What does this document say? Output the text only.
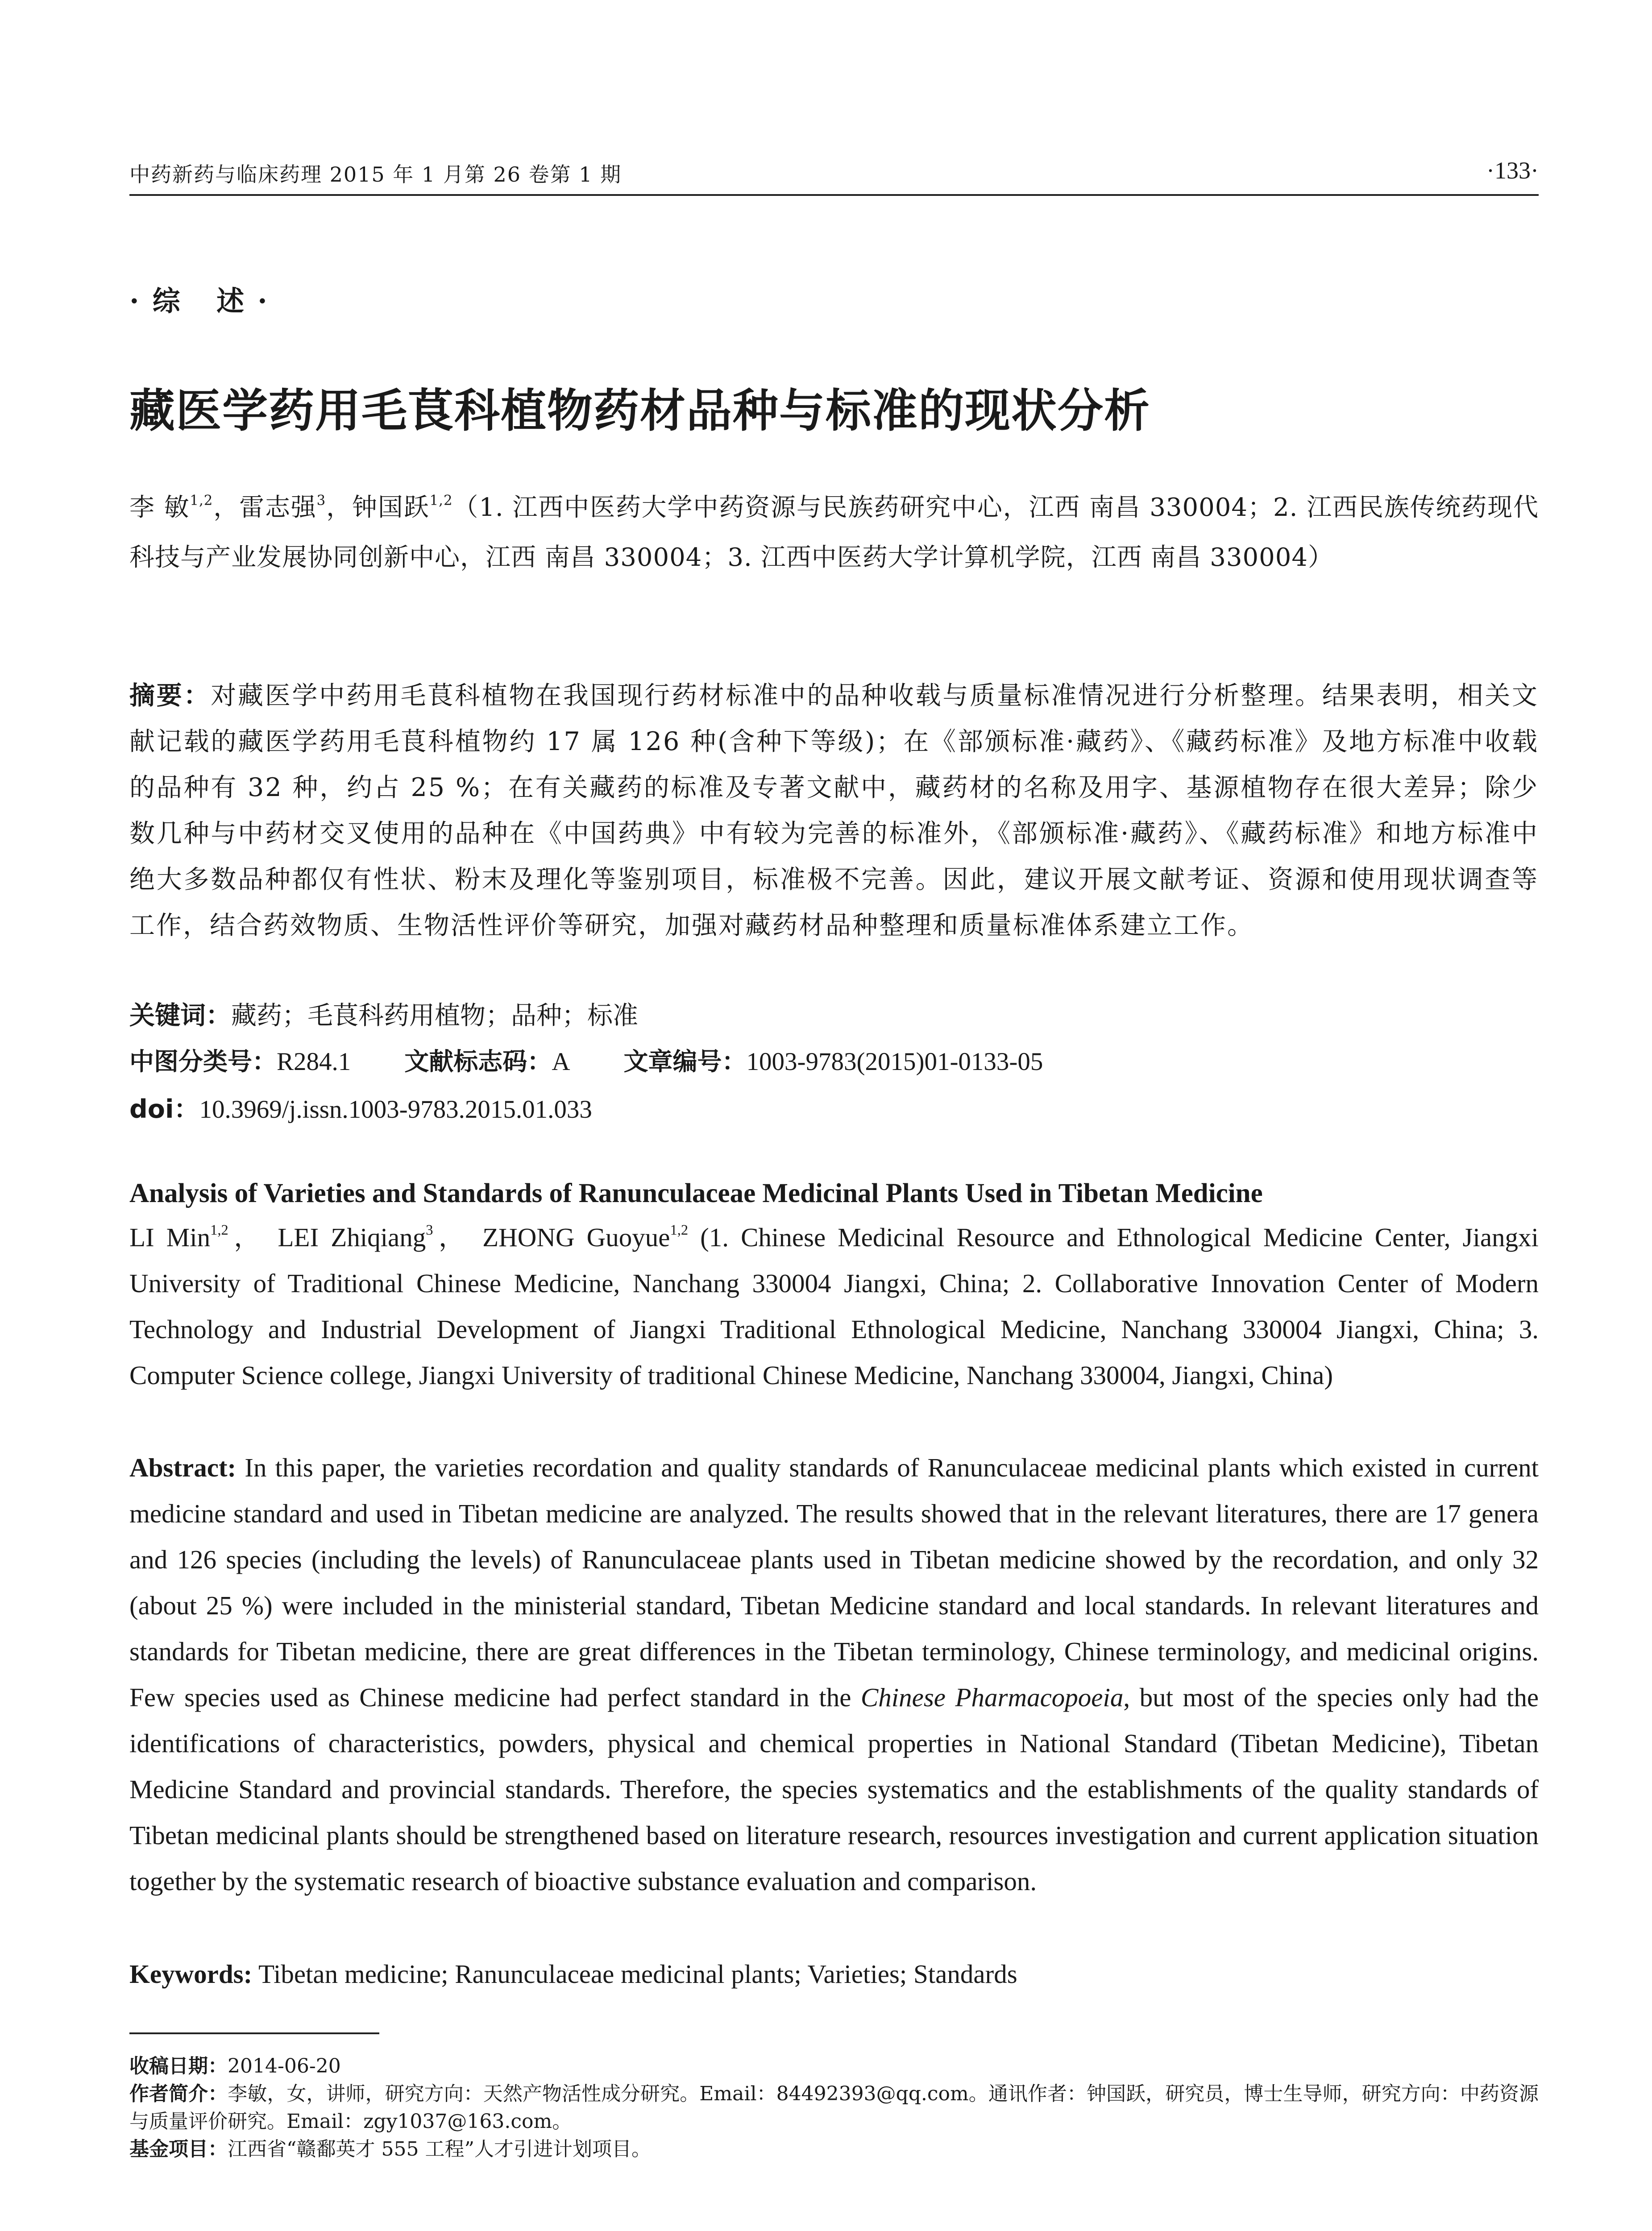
中药新药与临床药理 2015 年 1 月第 26 卷第 1 期	·133·
·综 述·
藏医学药用毛茛科植物药材品种与标准的现状分析
李 敏$^{1,2}$，雷志强$^3$，钟国跃$^{1,2}$（1. 江西中医药大学中药资源与民族药研究中心，江西 南昌 330004；2. 江西民族传统药现代科技与产业发展协同创新中心，江西 南昌 330004；3. 江西中医药大学计算机学院，江西 南昌 330004）
摘要：对藏医学中药用毛茛科植物在我国现行药材标准中的品种收载与质量标准情况进行分析整理。结果表明，相关文献记载的藏医学药用毛茛科植物约 17 属 126 种(含种下等级)；在《部颁标准·藏药》、《藏药标准》及地方标准中收载的品种有 32 种，约占 25 %；在有关藏药的标准及专著文献中，藏药材的名称及用字、基源植物存在很大差异；除少数几种与中药材交叉使用的品种在《中国药典》中有较为完善的标准外，《部颁标准·藏药》、《藏药标准》和地方标准中绝大多数品种都仅有性状、粉末及理化等鉴别项目，标准极不完善。因此，建议开展文献考证、资源和使用现状调查等工作，结合药效物质、生物活性评价等研究，加强对藏药材品种整理和质量标准体系建立工作。
关键词：藏药；毛茛科药用植物；品种；标准
中图分类号：R284.1 文献标志码：A 文章编号：1003-9783(2015)01-0133-05
doi：10.3969/j.issn.1003-9783.2015.01.033
Analysis of Varieties and Standards of Ranunculaceae Medicinal Plants Used in Tibetan Medicine
LI Min$^{1,2}$， LEI Zhiqiang$^3$， ZHONG Guoyue$^{1,2}$ (1. Chinese Medicinal Resource and Ethnological Medicine Center, Jiangxi University of Traditional Chinese Medicine, Nanchang 330004 Jiangxi, China; 2. Collaborative Innovation Center of Modern Technology and Industrial Development of Jiangxi Traditional Ethnological Medicine, Nanchang 330004 Jiangxi, China; 3. Computer Science college, Jiangxi University of traditional Chinese Medicine, Nanchang 330004, Jiangxi, China)
Abstract: In this paper, the varieties recordation and quality standards of Ranunculaceae medicinal plants which existed in current medicine standard and used in Tibetan medicine are analyzed. The results showed that in the relevant literatures, there are 17 genera and 126 species (including the levels) of Ranunculaceae plants used in Tibetan medicine showed by the recordation, and only 32 (about 25 %) were included in the ministerial standard, Tibetan Medicine standard and local standards. In relevant literatures and standards for Tibetan medicine, there are great differences in the Tibetan terminology, Chinese terminology, and medicinal origins. Few species used as Chinese medicine had perfect standard in the Chinese Pharmacopoeia, but most of the species only had the identifications of characteristics, powders, physical and chemical properties in National Standard (Tibetan Medicine), Tibetan Medicine Standard and provincial standards. Therefore, the species systematics and the establishments of the quality standards of Tibetan medicinal plants should be strengthened based on literature research, resources investigation and current application situation together by the systematic research of bioactive substance evaluation and comparison.
Keywords: Tibetan medicine; Ranunculaceae medicinal plants; Varieties; Standards

收稿日期：2014-06-20

作者简介：李敏，女，讲师，研究方向：天然产物活性成分研究。Email：84492393@qq.com。通讯作者：钟国跃，研究员，博士生导师，研究方向：中药资源与质量评价研究。Email：zgy1037@163.com。

基金项目：江西省“赣鄱英才 555 工程”人才引进计划项目。
